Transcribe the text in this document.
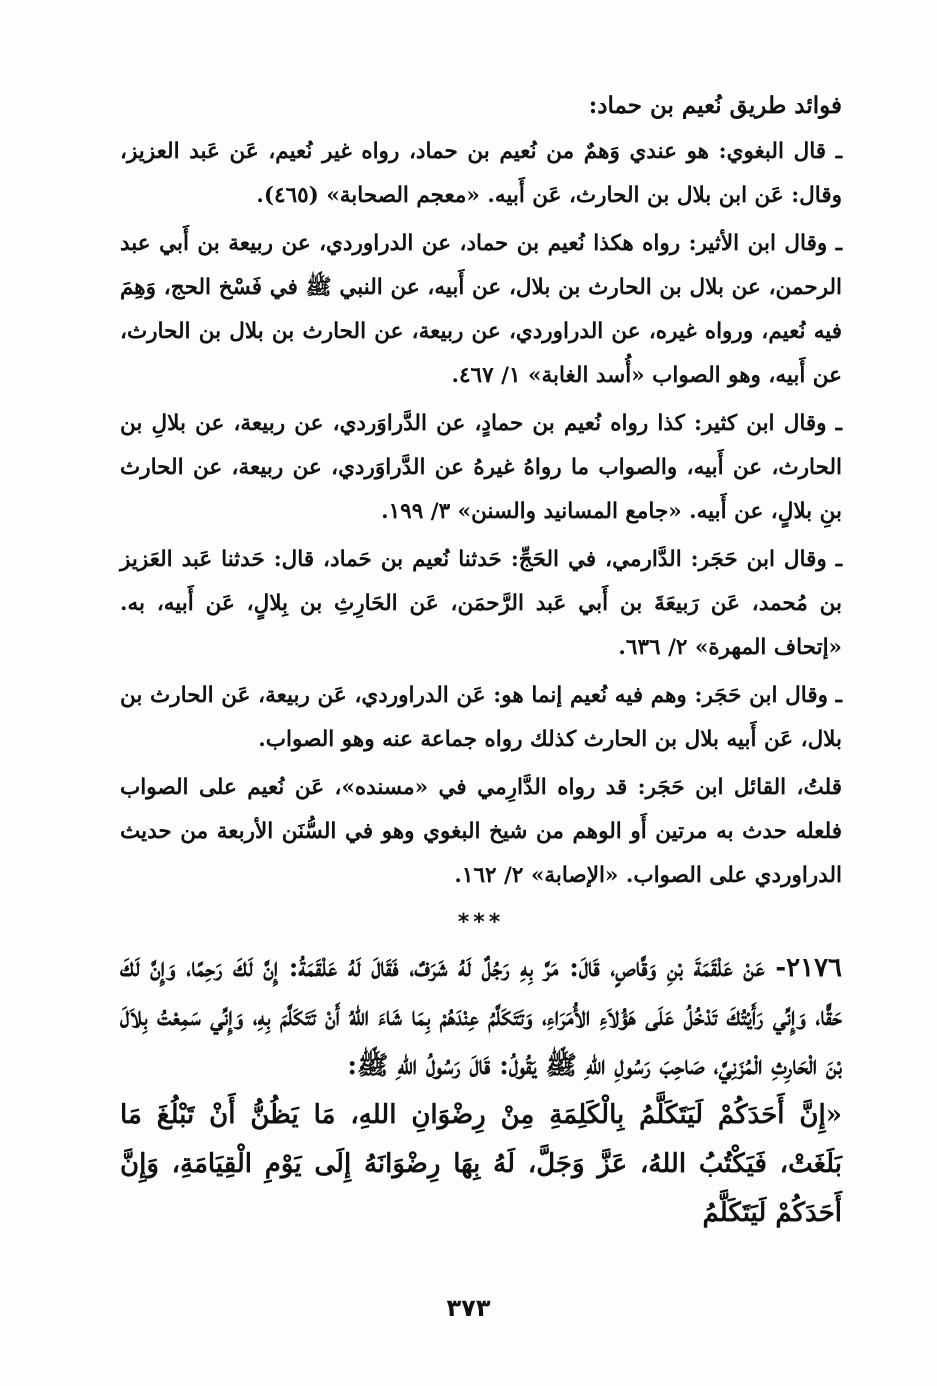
فوائد طريق نُعيم بن حماد:

ـ قال البغوي: هو عندي وَهمٌ من نُعيم بن حماد، رواه غير نُعيم، عَن عَبد العزيز، وقال: عَن ابن بلال بن الحارث، عَن أَبيه. «معجم الصحابة» (٤٦٥).

ـ وقال ابن الأثير: رواه هكذا نُعيم بن حماد، عن الدراوردي، عن ربيعة بن أَبي عبد الرحمن، عن بلال بن الحارث بن بلال، عن أَبيه، عن النبي ﷺ في فَسْخ الحج، وَهِمَ فيه نُعيم، ورواه غيره، عن الدراوردي، عن ربيعة، عن الحارث بن بلال بن الحارث، عن أَبيه، وهو الصواب «أُسد الغابة» ١/ ٤٦٧.

ـ وقال ابن كثير: كذا رواه نُعيم بن حمادٍ، عن الدَّراوَردي، عن ربيعة، عن بلالِ بن الحارث، عن أَبيه، والصواب ما رواهُ غيرهُ عن الدَّراوَردي، عن ربيعة، عن الحارث بنِ بلالٍ، عن أَبيه. «جامع المسانيد والسنن» ٣/ ١٩٩.

ـ وقال ابن حَجَر: الدَّارمي، في الحَجِّ: حَدثنا نُعيم بن حَماد، قال: حَدثنا عَبد العَزيز بن مُحمد، عَن رَبيعَةَ بن أَبي عَبد الرَّحمَن، عَن الحَارِثِ بن بِلالٍ، عَن أَبيه، به. «إتحاف المهرة» ٢/ ٦٣٦.

ـ وقال ابن حَجَر: وهم فيه نُعيم إنما هو: عَن الدراوردي، عَن ربيعة، عَن الحارث بن بلال، عَن أَبيه بلال بن الحارث كذلك رواه جماعة عنه وهو الصواب.

قلتُ، القائل ابن حَجَر: قد رواه الدَّارِمي في «مسنده»، عَن نُعيم على الصواب فلعله حدث به مرتين أَو الوهم من شيخ البغوي وهو في السُّنَن الأربعة من حديث الدراوردي على الصواب. «الإصابة» ٢/ ١٦٢.

***

٢١٧٦- عَنْ عَلْقَمَةَ بْنِ وَقَّاصٍ، قَالَ: مَرَّ بِهِ رَجُلٌ لَهُ شَرَفٌ، فَقَالَ لَهُ عَلْقَمَةُ: إِنَّ لَكَ رَحِمًا، وَإِنَّ لَكَ حَقًّا، وَإِنِّي رَأَيْتُكَ تَدْخُلُ عَلَى هَؤُلاَءِ الأُمَرَاءِ، وَتَتَكَلَّمُ عِنْدَهُمْ بِمَا شَاءَ اللهُ أَنْ تَتَكَلَّمَ بِهِ، وَإِنِّي سَمِعْتُ بِلاَلَ بْنَ الْحَارِثِ الْمُزَنِيَّ، صَاحِبَ رَسُولِ اللهِ ﷺ يَقُولُ: قَالَ رَسُولُ اللهِ ﷺ:

«إِنَّ أَحَدَكُمْ لَيَتَكَلَّمُ بِالْكَلِمَةِ مِنْ رِضْوَانِ اللهِ، مَا يَظُنُّ أَنْ تَبْلُغَ مَا بَلَغَتْ، فَيَكْتُبُ اللهُ، عَزَّ وَجَلَّ، لَهُ بِهَا رِضْوَانَهُ إِلَى يَوْمِ الْقِيَامَةِ، وَإِنَّ أَحَدَكُمْ لَيَتَكَلَّمُ

٣٧٣
